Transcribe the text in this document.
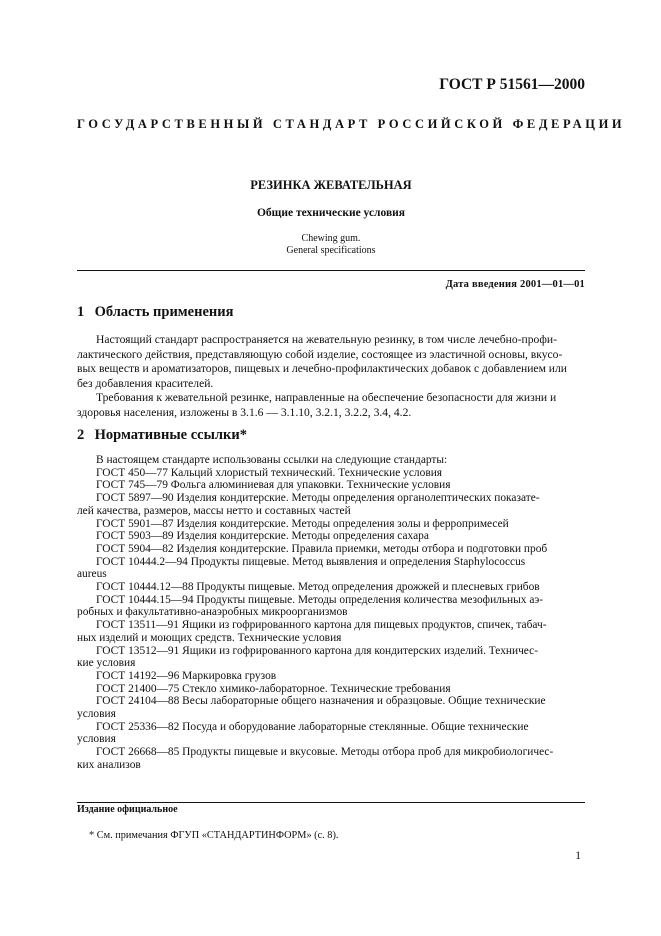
ГОСТ Р 51561—2000
ГОСУДАРСТВЕННЫЙ СТАНДАРТ РОССИЙСКОЙ ФЕДЕРАЦИИ
РЕЗИНКА ЖЕВАТЕЛЬНАЯ
Общие технические условия
Chewing gum.
General specifications
Дата введения 2001—01—01
1 Область применения
Настоящий стандарт распространяется на жевательную резинку, в том числе лечебно-профи-
лактического действия, представляющую собой изделие, состоящее из эластичной основы, вкусо-
вых веществ и ароматизаторов, пищевых и лечебно-профилактических добавок с добавлением или
без добавления красителей.
Требования к жевательной резинке, направленные на обеспечение безопасности для жизни и
здоровья населения, изложены в 3.1.6 — 3.1.10, 3.2.1, 3.2.2, 3.4, 4.2.
2 Нормативные ссылки*
В настоящем стандарте использованы ссылки на следующие стандарты:
ГОСТ 450—77 Кальций хлористый технический. Технические условия
ГОСТ 745—79 Фольга алюминиевая для упаковки. Технические условия
ГОСТ 5897—90 Изделия кондитерские. Методы определения органолептических показате-
лей качества, размеров, массы нетто и составных частей
ГОСТ 5901—87 Изделия кондитерские. Методы определения золы и ферропримесей
ГОСТ 5903—89 Изделия кондитерские. Методы определения сахара
ГОСТ 5904—82 Изделия кондитерские. Правила приемки, методы отбора и подготовки проб
ГОСТ 10444.2—94 Продукты пищевые. Метод выявления и определения Staphylococcus
aureus
ГОСТ 10444.12—88 Продукты пищевые. Метод определения дрожжей и плесневых грибов
ГОСТ 10444.15—94 Продукты пищевые. Методы определения количества мезофильных аэ-
робных и факультативно-анаэробных микроорганизмов
ГОСТ 13511—91 Ящики из гофрированного картона для пищевых продуктов, спичек, табач-
ных изделий и моющих средств. Технические условия
ГОСТ 13512—91 Ящики из гофрированного картона для кондитерских изделий. Техничес-
кие условия
ГОСТ 14192—96 Маркировка грузов
ГОСТ 21400—75 Стекло химико-лабораторное. Технические требования
ГОСТ 24104—88 Весы лабораторные общего назначения и образцовые. Общие технические
условия
ГОСТ 25336—82 Посуда и оборудование лабораторные стеклянные. Общие технические
условия
ГОСТ 26668—85 Продукты пищевые и вкусовые. Методы отбора проб для микробиологичес-
ких анализов
Издание официальное
* См. примечания ФГУП «СТАНДАРТИНФОРМ» (с. 8).
1
